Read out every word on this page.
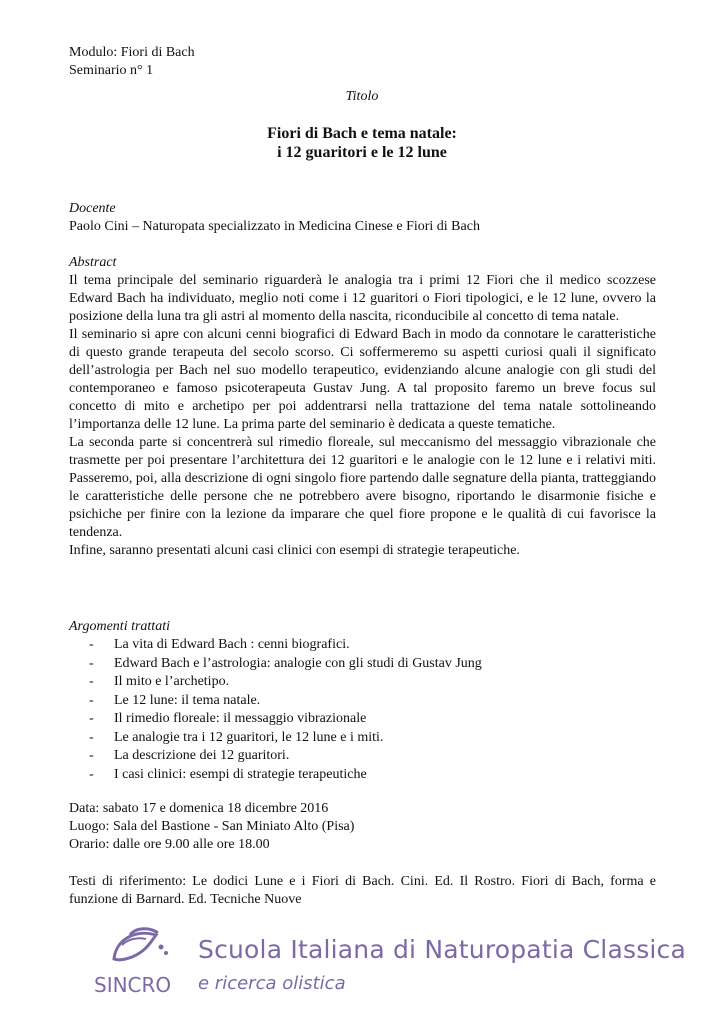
Modulo: Fiori di Bach
Seminario n° 1
Titolo
Fiori di Bach e tema natale:
i 12 guaritori e le 12 lune
Docente
Paolo Cini – Naturopata specializzato in Medicina Cinese e Fiori di Bach
Abstract
Il tema principale del seminario riguarderà le analogia tra i primi 12 Fiori che il medico scozzese Edward Bach ha individuato, meglio noti come i 12 guaritori o Fiori tipologici, e le 12 lune, ovvero la posizione della luna tra gli astri al momento della nascita, riconducibile al concetto di tema natale.
Il seminario si apre con alcuni cenni biografici di Edward Bach in modo da connotare le caratteristiche di questo grande terapeuta del secolo scorso. Ci soffermeremo su aspetti curiosi quali il significato dell’astrologia per Bach nel suo modello terapeutico, evidenziando alcune analogie con gli studi del contemporaneo e famoso psicoterapeuta Gustav Jung. A tal proposito faremo un breve focus sul concetto di mito e archetipo per poi addentrarsi nella trattazione del tema natale sottolineando l’importanza delle 12 lune. La prima parte del seminario è dedicata a queste tematiche.
La seconda parte si concentrerà sul rimedio floreale, sul meccanismo del messaggio vibrazionale che trasmette per poi presentare l’architettura dei 12 guaritori e le analogie con le 12 lune e i relativi miti. Passeremo, poi, alla descrizione di ogni singolo fiore partendo dalle segnature della pianta, tratteggiando le caratteristiche delle persone che ne potrebbero avere bisogno, riportando le disarmonie fisiche e psichiche per finire con la lezione da imparare che quel fiore propone e le qualità di cui favorisce la tendenza.
Infine, saranno presentati alcuni casi clinici con esempi di strategie terapeutiche.
Argomenti trattati
- La vita di Edward Bach : cenni biografici.
- Edward Bach e l’astrologia: analogie con gli studi di Gustav Jung
- Il mito e l’archetipo.
- Le 12 lune: il tema natale.
- Il rimedio floreale: il messaggio vibrazionale
- Le analogie tra i 12 guaritori, le 12 lune e i miti.
- La descrizione dei 12 guaritori.
- I casi clinici: esempi di strategie terapeutiche
Data: sabato 17 e domenica 18 dicembre 2016
Luogo: Sala del Bastione - San Miniato Alto (Pisa)
Orario: dalle ore 9.00 alle ore 18.00
Testi di riferimento: Le dodici Lune e i Fiori di Bach. Cini. Ed. Il Rostro. Fiori di Bach, forma e funzione di Barnard. Ed. Tecniche Nuove
SINCRO
Scuola Italiana di Naturopatia Classica
e ricerca olistica
